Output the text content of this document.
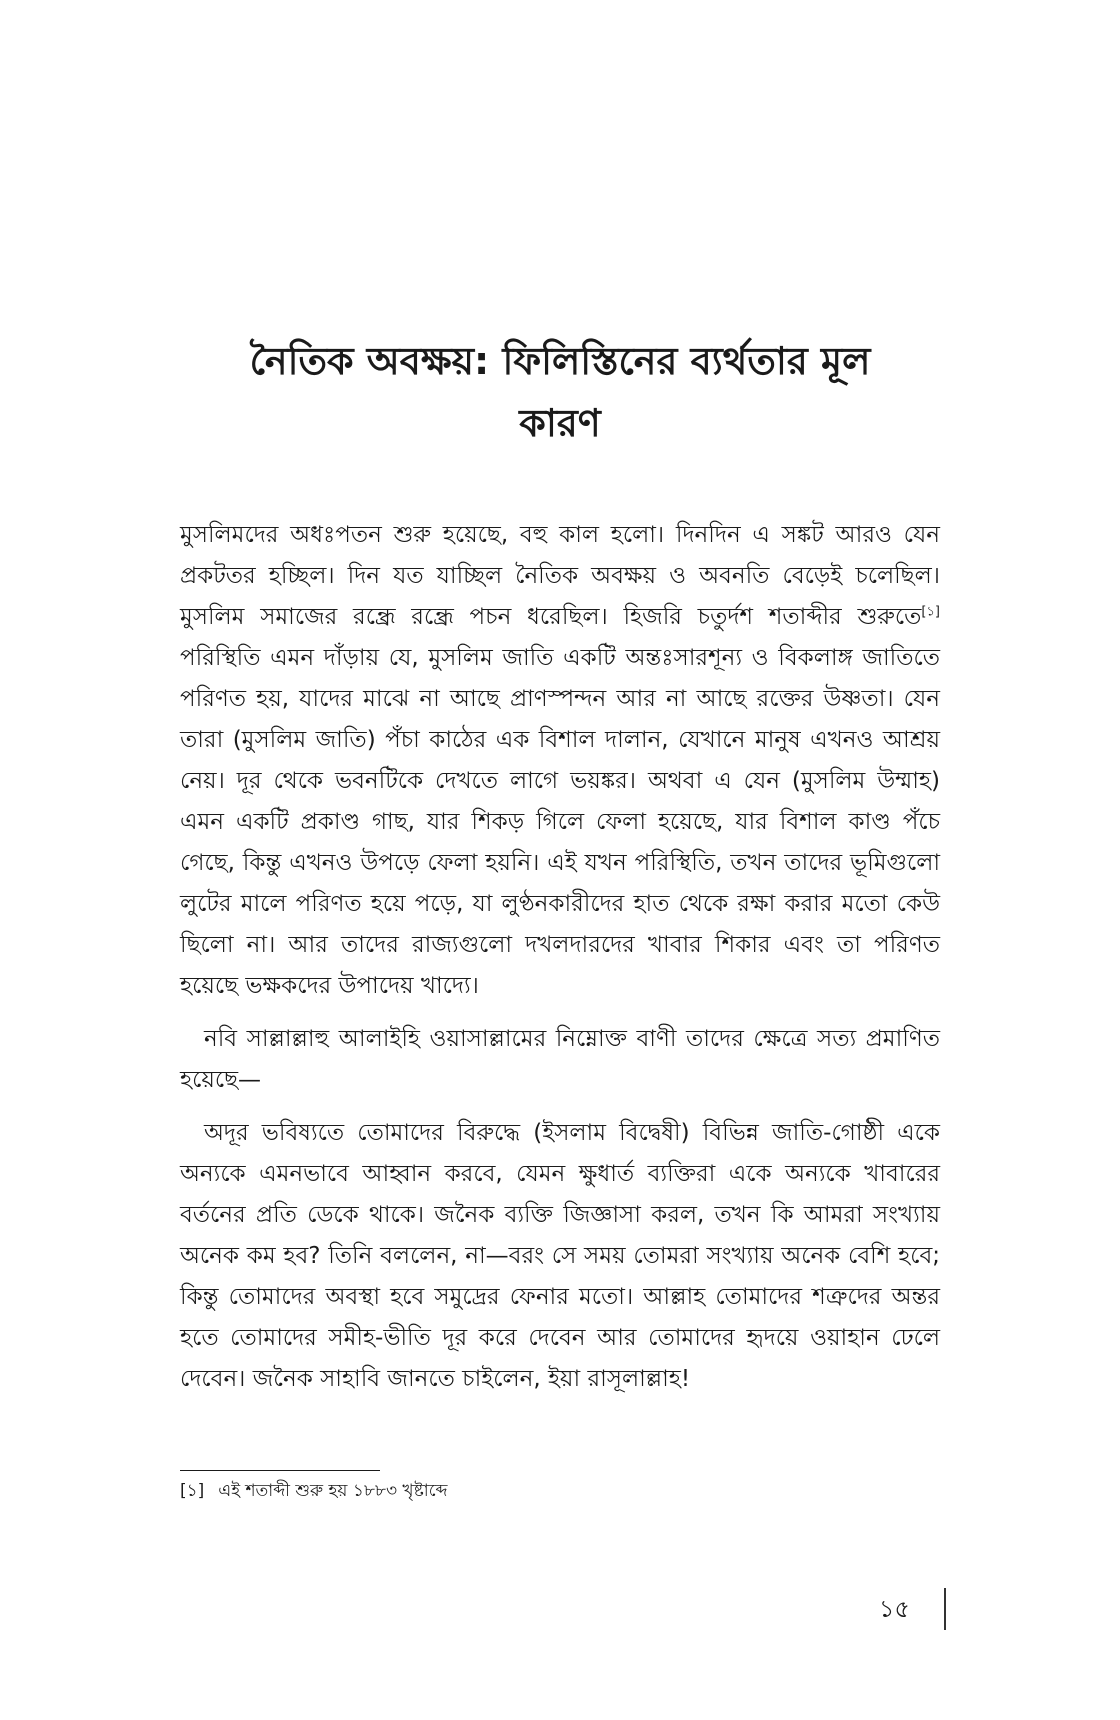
নৈতিক অবক্ষয়: ফিলিস্তিনের ব্যর্থতার মূল
কারণ

মুসলিমদের অধঃপতন শুরু হয়েছে, বহু কাল হলো। দিনদিন এ সঙ্কট আরও যেন প্রকটতর হচ্ছিল। দিন যত যাচ্ছিল নৈতিক অবক্ষয় ও অবনতি বেড়েই চলেছিল। মুসলিম সমাজের রন্ধ্রে রন্ধ্রে পচন ধরেছিল। হিজরি চতুর্দশ শতাব্দীর শুরুতে[১] পরিস্থিতি এমন দাঁড়ায় যে, মুসলিম জাতি একটি অন্তঃসারশূন্য ও বিকলাঙ্গ জাতিতে পরিণত হয়, যাদের মাঝে না আছে প্রাণস্পন্দন আর না আছে রক্তের উষ্ণতা। যেন তারা (মুসলিম জাতি) পঁচা কাঠের এক বিশাল দালান, যেখানে মানুষ এখনও আশ্রয় নেয়। দূর থেকে ভবনটিকে দেখতে লাগে ভয়ঙ্কর। অথবা এ যেন (মুসলিম উম্মাহ) এমন একটি প্রকাণ্ড গাছ, যার শিকড় গিলে ফেলা হয়েছে, যার বিশাল কাণ্ড পঁচে গেছে, কিন্তু এখনও উপড়ে ফেলা হয়নি। এই যখন পরিস্থিতি, তখন তাদের ভূমিগুলো লুটের মালে পরিণত হয়ে পড়ে, যা লুণ্ঠনকারীদের হাত থেকে রক্ষা করার মতো কেউ ছিলো না। আর তাদের রাজ্যগুলো দখলদারদের খাবার শিকার এবং তা পরিণত হয়েছে ভক্ষকদের উপাদেয় খাদ্যে।

নবি সাল্লাল্লাহু আলাইহি ওয়াসাল্লামের নিম্নোক্ত বাণী তাদের ক্ষেত্রে সত্য প্রমাণিত হয়েছে—

অদূর ভবিষ্যতে তোমাদের বিরুদ্ধে (ইসলাম বিদ্বেষী) বিভিন্ন জাতি-গোষ্ঠী একে অন্যকে এমনভাবে আহ্বান করবে, যেমন ক্ষুধার্ত ব্যক্তিরা একে অন্যকে খাবারের বর্তনের প্রতি ডেকে থাকে। জনৈক ব্যক্তি জিজ্ঞাসা করল, তখন কি আমরা সংখ্যায় অনেক কম হব? তিনি বললেন, না—বরং সে সময় তোমরা সংখ্যায় অনেক বেশি হবে; কিন্তু তোমাদের অবস্থা হবে সমুদ্রের ফেনার মতো। আল্লাহ তোমাদের শত্রুদের অন্তর হতে তোমাদের সমীহ-ভীতি দূর করে দেবেন আর তোমাদের হৃদয়ে ওয়াহান ঢেলে দেবেন। জনৈক সাহাবি জানতে চাইলেন, ইয়া রাসূলাল্লাহ!

[১] এই শতাব্দী শুরু হয় ১৮৮৩ খৃষ্টাব্দে
১৫
